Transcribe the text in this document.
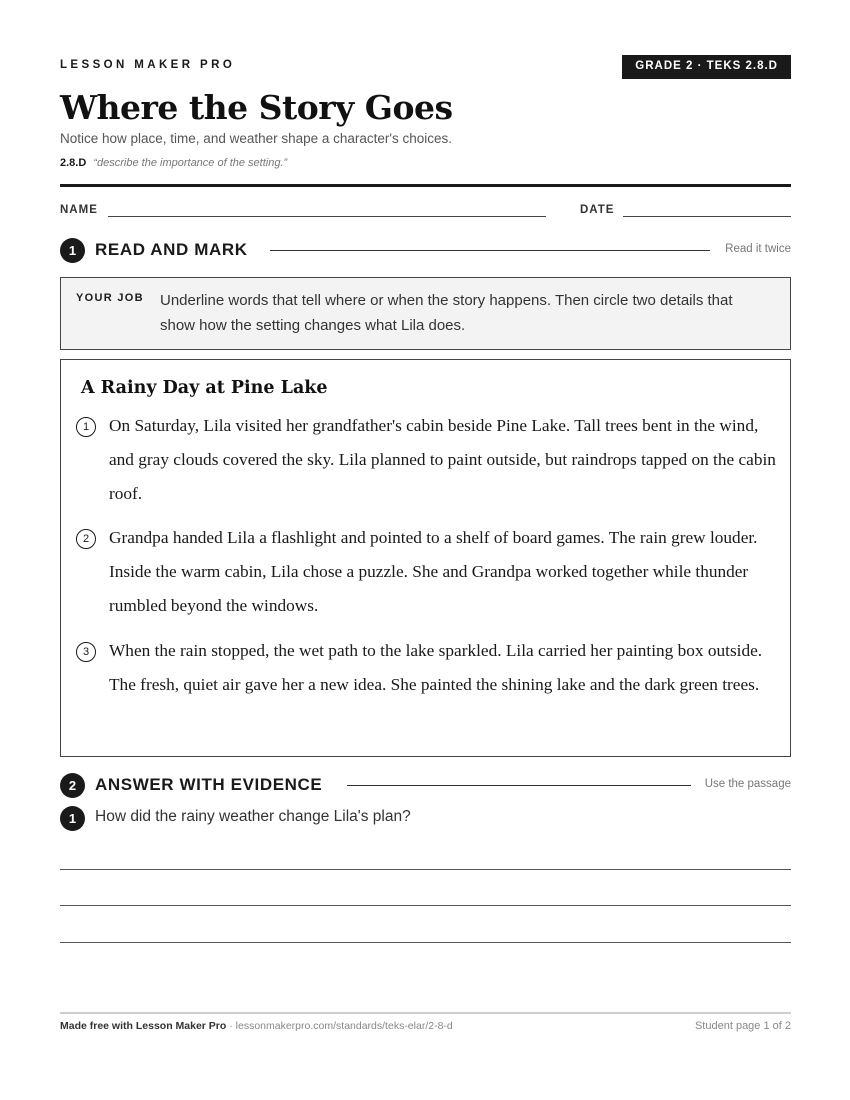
LESSON MAKER PRO	GRADE 2 · TEKS 2.8.D
Where the Story Goes
Notice how place, time, and weather shape a character's choices.
2.8.D “describe the importance of the setting.”
NAME	DATE
1	READ AND MARK	Read it twice
YOUR JOB Underline words that tell where or when the story happens. Then circle two details that show how the setting changes what Lila does.
A Rainy Day at Pine Lake
1	On Saturday, Lila visited her grandfather's cabin beside Pine Lake. Tall trees bent in the wind, and gray clouds covered the sky. Lila planned to paint outside, but raindrops tapped on the cabin roof.
2	Grandpa handed Lila a flashlight and pointed to a shelf of board games. The rain grew louder. Inside the warm cabin, Lila chose a puzzle. She and Grandpa worked together while thunder rumbled beyond the windows.
3	When the rain stopped, the wet path to the lake sparkled. Lila carried her painting box outside. The fresh, quiet air gave her a new idea. She painted the shining lake and the dark green trees.
2	ANSWER WITH EVIDENCE	Use the passage
1	How did the rainy weather change Lila's plan?
Made free with Lesson Maker Pro · lessonmakerpro.com/standards/teks-elar/2-8-d	Student page 1 of 2
